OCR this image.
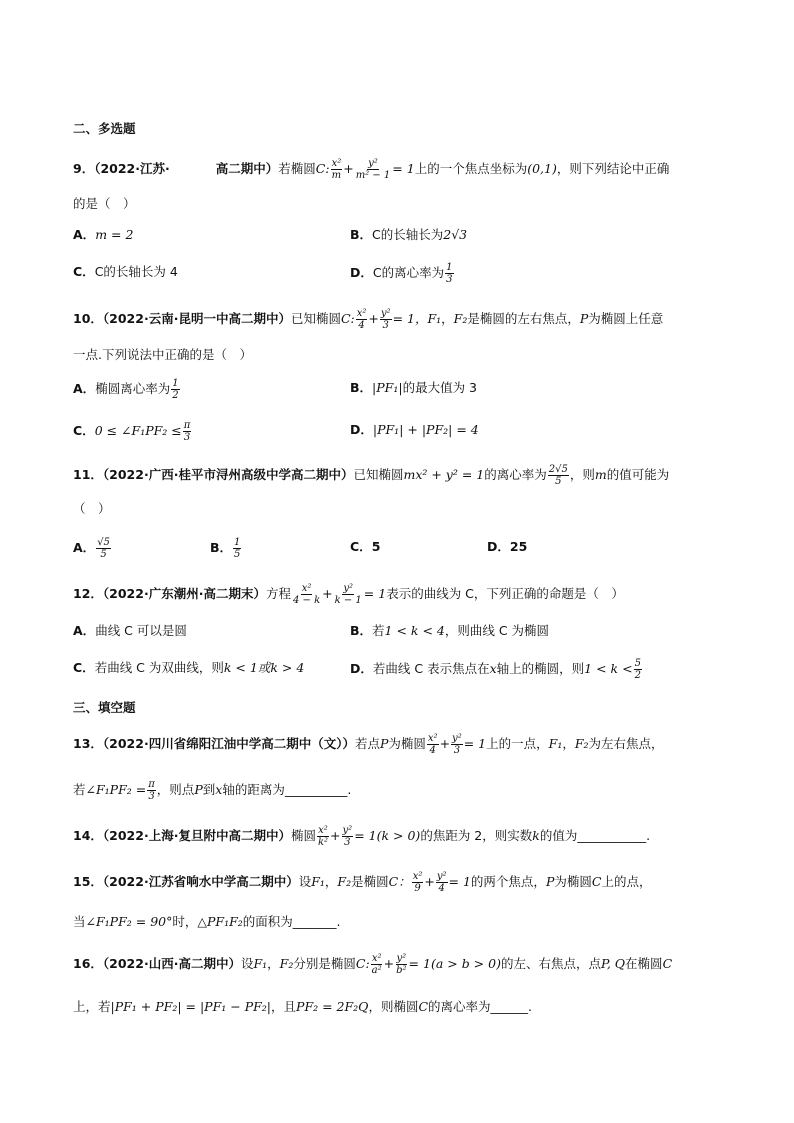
二、多选题
9．（2022·江苏·	高二期中）若椭圆C: $\frac{\text{x²}}{m} + \frac{\text{y²}}{\text{m² − 1}} = 1$上的一个焦点坐标为(0,1)，则下列结论中正确
的是（　）
A．m = 2	B．C的长轴长为2√3
C．C的长轴长为 4	D．C的离心率为 $\frac{1}{3}$
10．（2022·云南·昆明一中高二期中）已知椭圆C: $\frac{\text{x²}}{4} + \frac{\text{y²}}{3} = 1$，F₁，F₂是椭圆的左右焦点，P为椭圆上任意
一点.下列说法中正确的是（　）
A．椭圆离心率为 $\frac{1}{2}$	B．|PF₁|的最大值为 3
C．0 ≤ ∠F₁PF₂ ≤ $\frac{\pi}{3}$	D．|PF₁| + |PF₂| = 4
11．（2022·广西·桂平市浔州高级中学高二期中）已知椭圆mx² + y² = 1的离心率为 $\frac{2√5}{5}$ ，则m的值可能为
（　）
A． $\frac{√5}{5}$	B． $\frac{1}{5}$	C．5	D．25
12．（2022·广东潮州·高二期末）方程 $\frac{\text{x²}}{4 - k} + \frac{\text{y²}}{k - 1} = 1$表示的曲线为 C，下列正确的命题是（　）
A．曲线 C 可以是圆	B．若1 < k < 4，则曲线 C 为椭圆
C．若曲线 C 为双曲线，则k < 1或k > 4	D．若曲线 C 表示焦点在x轴上的椭圆，则$1 < k < \frac{5}{2}$
三、填空题
13．（2022·四川省绵阳江油中学高二期中（文））若点P为椭圆 $\frac{\text{x²}}{4} + \frac{\text{y²}}{3} = 1$上的一点，F₁，F₂为左右焦点，
若∠F₁PF₂ = $\frac{\pi}{3}$ ，则点P到x轴的距离为__________.
14．（2022·上海·复旦附中高二期中）椭圆 $\frac{\text{x²}}{\text{k²}} + \frac{\text{y²}}{3} = 1(k > 0)$的焦距为 2，则实数k的值为___________.
15．（2022·江苏省响水中学高二期中）设F₁，F₂是椭圆C： $\frac{\text{x²}}{9} + \frac{\text{y²}}{4} = 1$的两个焦点，P为椭圆C上的点，
当∠F₁PF₂ = 90°时，△PF₁F₂的面积为_______.
16．（2022·山西·高二期中）设F₁，F₂分别是椭圆C: $\frac{\text{x²}}{\text{a²}} + \frac{\text{y²}}{\text{b²}} = 1(a > b > 0)$的左、右焦点，点P, Q在椭圆C
上，若|PF₁ + PF₂| = |PF₁ − PF₂|，且PF₂ = 2F₂Q，则椭圆C的离心率为______.
